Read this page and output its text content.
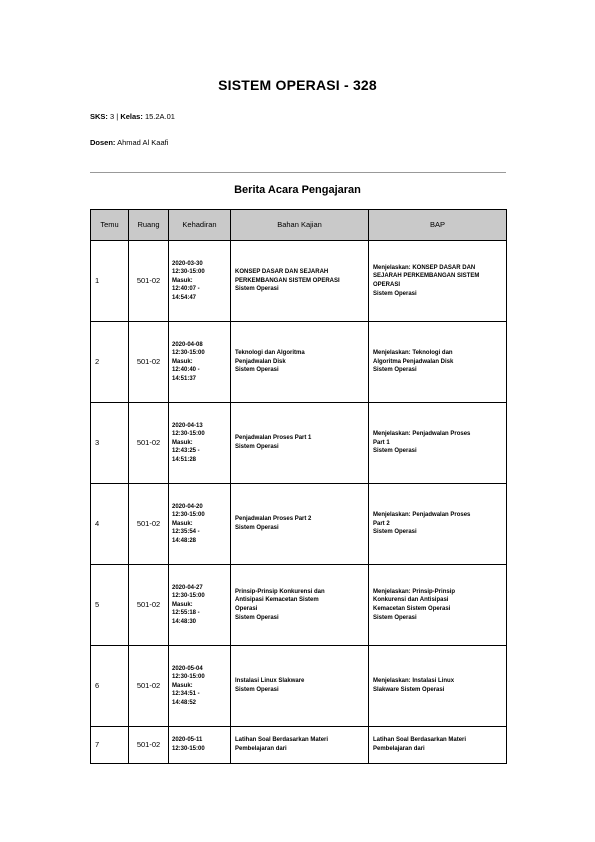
SISTEM OPERASI - 328
SKS: 3 | Kelas: 15.2A.01
Dosen: Ahmad Al Kaafi
Berita Acara Pengajaran
Temu	Ruang	Kehadiran	Bahan Kajian	BAP
1	501-02	2020-03-30
12:30-15:00
Masuk:
12:40:07 -
14:54:47	KONSEP DASAR DAN SEJARAH
PERKEMBANGAN SISTEM OPERASI
Sistem Operasi	Menjelaskan: KONSEP DASAR DAN
SEJARAH PERKEMBANGAN SISTEM
OPERASI
Sistem Operasi

2	501-02	2020-04-08
12:30-15:00
Masuk:
12:40:40 -
14:51:37	Teknologi dan Algoritma
Penjadwalan Disk
Sistem Operasi	Menjelaskan: Teknologi dan
Algoritma Penjadwalan Disk
Sistem Operasi

3	501-02	2020-04-13
12:30-15:00
Masuk:
12:43:25 -
14:51:28	Penjadwalan Proses Part 1
Sistem Operasi	Menjelaskan: Penjadwalan Proses
Part 1
Sistem Operasi

4	501-02	2020-04-20
12:30-15:00
Masuk:
12:35:54 -
14:48:28	Penjadwalan Proses Part 2
Sistem Operasi	Menjelaskan: Penjadwalan Proses
Part 2
Sistem Operasi

5	501-02	2020-04-27
12:30-15:00
Masuk:
12:55:18 -
14:48:30	Prinsip-Prinsip Konkurensi dan
Antisipasi Kemacetan Sistem
Operasi
Sistem Operasi	Menjelaskan: Prinsip-Prinsip
Konkurensi dan Antisipasi
Kemacetan Sistem Operasi
Sistem Operasi

6	501-02	2020-05-04
12:30-15:00
Masuk:
12:34:51 -
14:48:52	Instalasi Linux Slakware
Sistem Operasi	Menjelaskan: Instalasi Linux
Slakware Sistem Operasi

7	501-02	2020-05-11
12:30-15:00	Latihan Soal Berdasarkan Materi
Pembelajaran dari	Latihan Soal Berdasarkan Materi
Pembelajaran dari
